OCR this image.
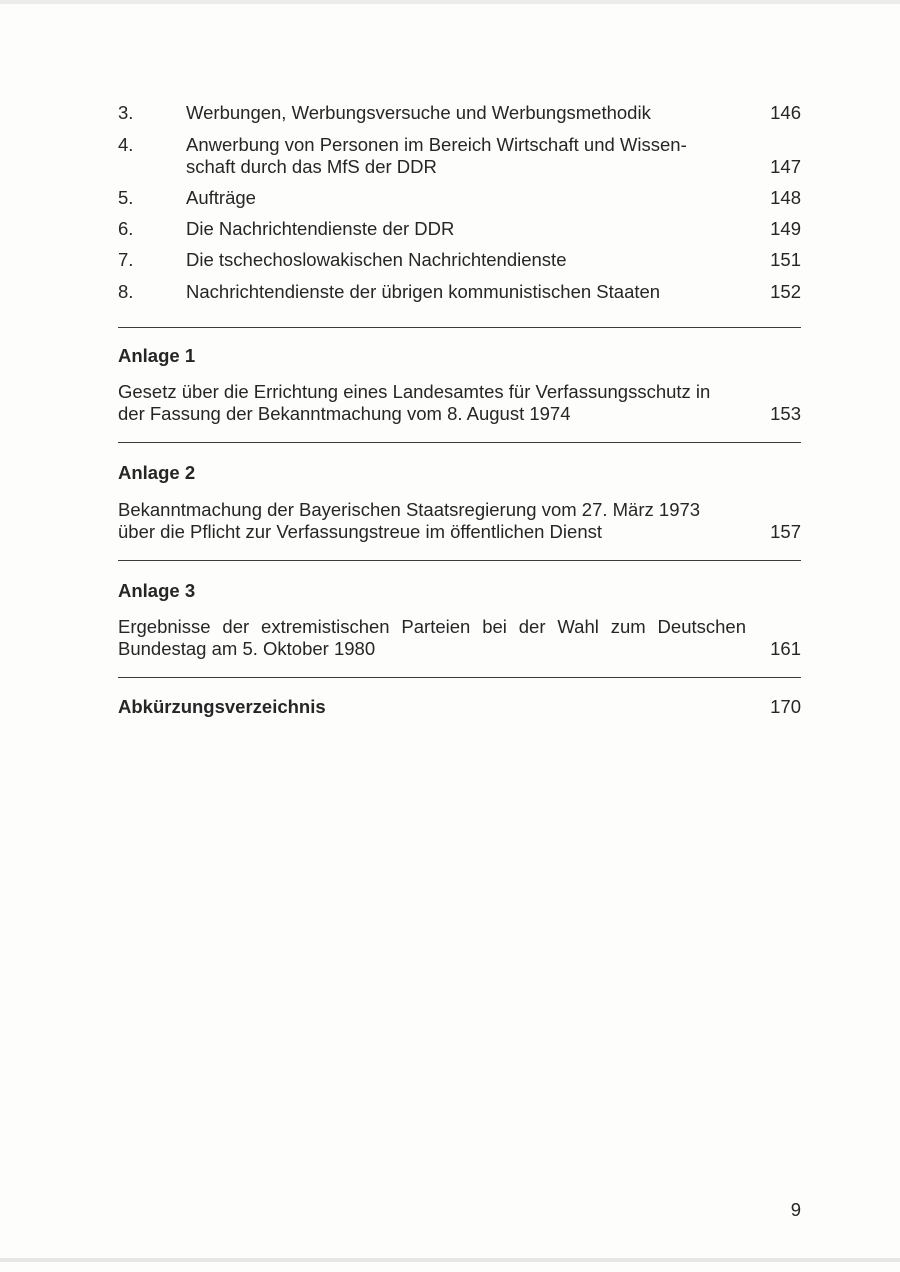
3.	Werbungen, Werbungsversuche und Werbungsmethodik	146
4.	Anwerbung von Personen im Bereich Wirtschaft und Wissen-
schaft durch das MfS der DDR	147
5.	Aufträge	148
6.	Die Nachrichtendienste der DDR	149
7.	Die tschechoslowakischen Nachrichtendienste	151
8.	Nachrichtendienste der übrigen kommunistischen Staaten	152
Anlage 1
Gesetz über die Errichtung eines Landesamtes für Verfassungsschutz in
der Fassung der Bekanntmachung vom 8. August 1974	153
Anlage 2
Bekanntmachung der Bayerischen Staatsregierung vom 27. März 1973
über die Pflicht zur Verfassungstreue im öffentlichen Dienst	157
Anlage 3
Ergebnisse der extremistischen Parteien bei der Wahl zum Deutschen
Bundestag am 5. Oktober 1980	161
Abkürzungsverzeichnis	170
9
